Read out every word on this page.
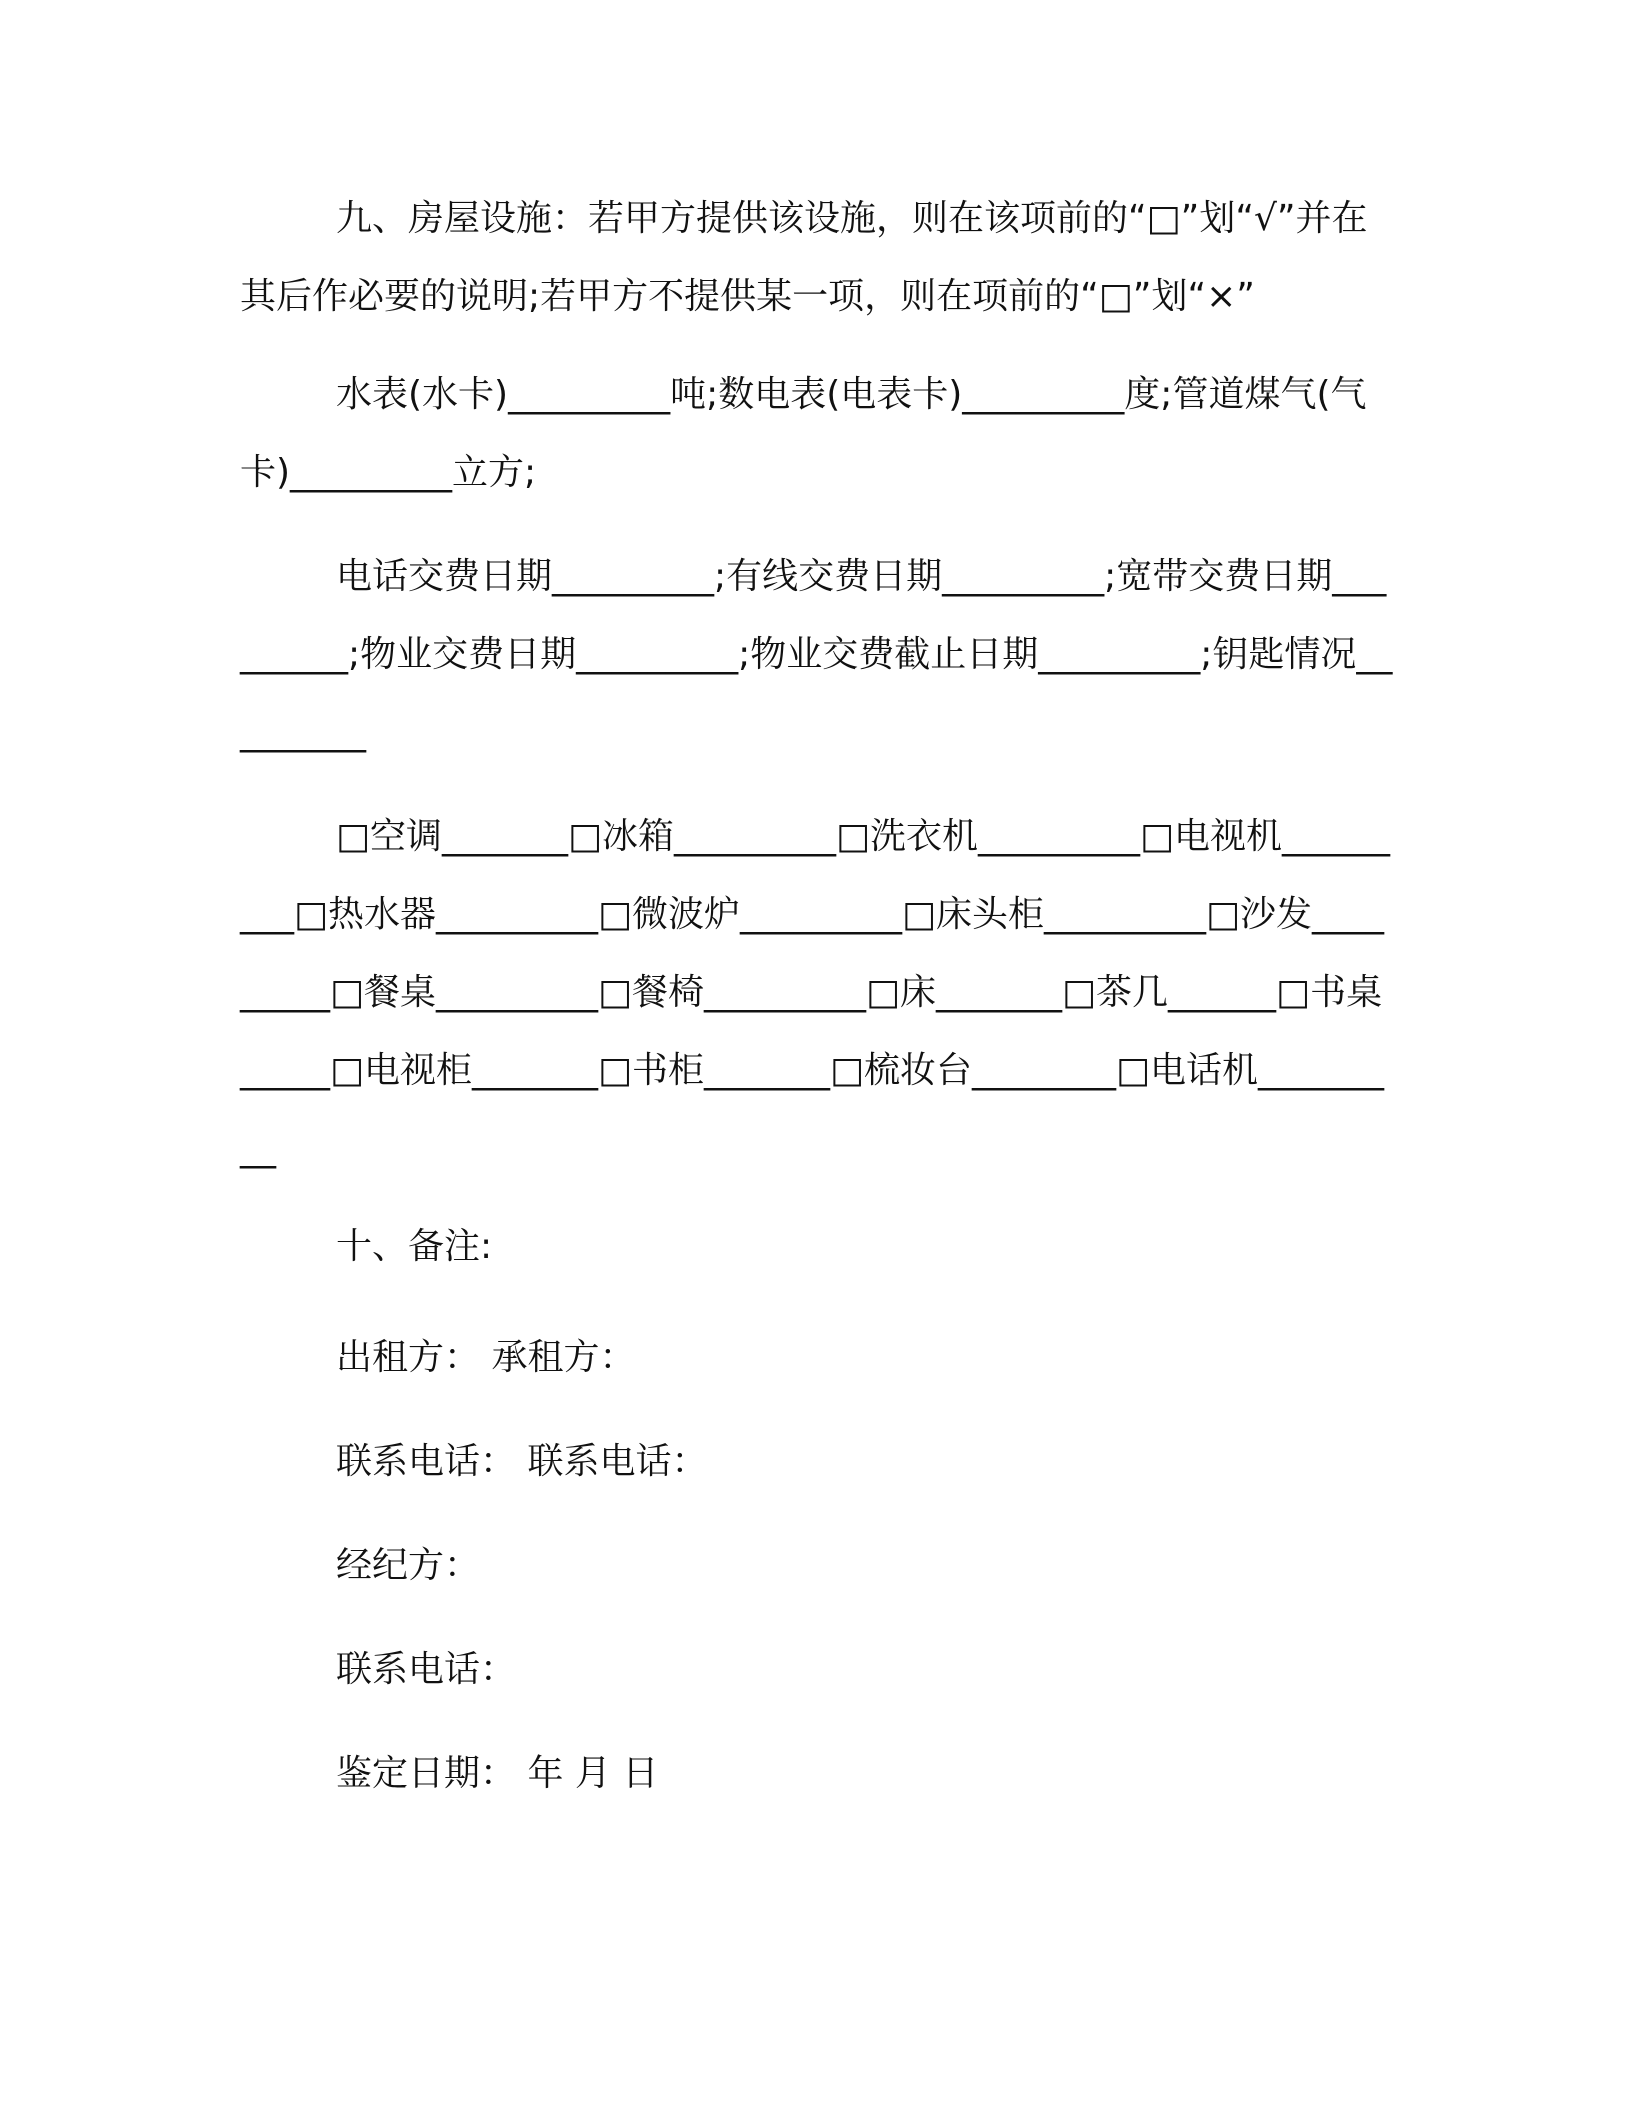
九、房屋设施：若甲方提供该设施，则在该项前的“□”划“√”并在其后作必要的说明;若甲方不提供某一项，则在项前的“□”划“×”

水表(水卡)_________吨;数电表(电表卡)_________度;管道煤气(气卡)_________立方;

电话交费日期_________;有线交费日期_________;宽带交费日期_________;物业交费日期_________;物业交费截止日期_________;钥匙情况_________

□空调_______□冰箱_________□洗衣机_________□电视机_________□热水器_________□微波炉_________□床头柜_________□沙发_________□餐桌_________□餐椅_________□床_______□茶几______□书桌_____□电视柜_______□书柜_______□梳妆台________□电话机_________

十、备注:

出租方： 承租方：

联系电话： 联系电话：

经纪方：

联系电话：

鉴定日期： 年 月 日
